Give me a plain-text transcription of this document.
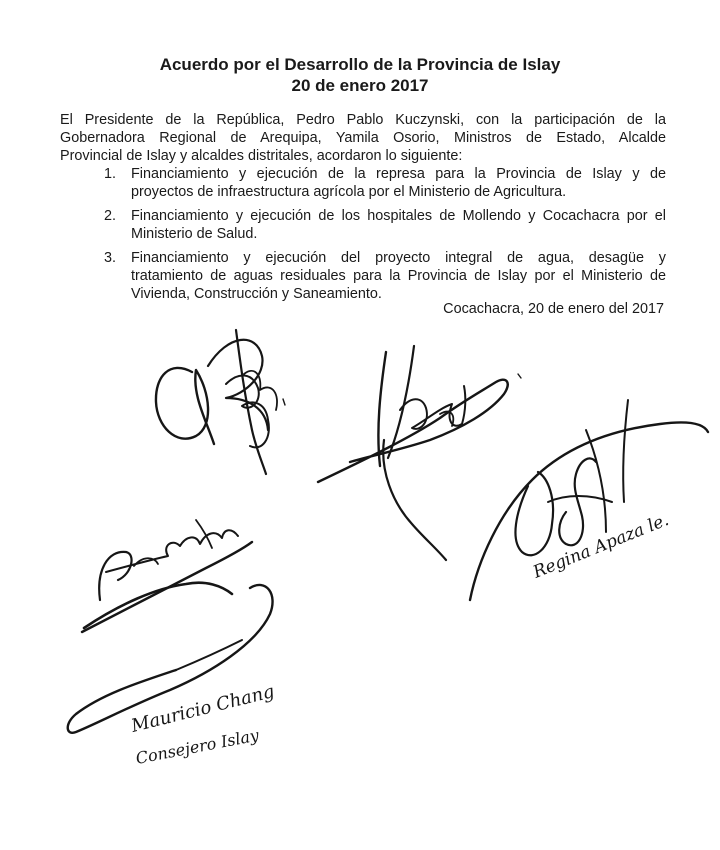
Acuerdo por el Desarrollo de la Provincia de Islay
20 de enero 2017

El Presidente de la República, Pedro Pablo Kuczynski, con la participación de la
Gobernadora Regional de Arequipa, Yamila Osorio, Ministros de Estado, Alcalde
Provincial de Islay y alcaldes distritales, acordaron lo siguiente:

1. Financiamiento y ejecución de la represa para la Provincia de Islay y de
proyectos de infraestructura agrícola por el Ministerio de Agricultura.
2. Financiamiento y ejecución de los hospitales de Mollendo y Cocachacra por el
Ministerio de Salud.
3. Financiamiento y ejecución del proyecto integral de agua, desagüe y
tratamiento de aguas residuales para la Provincia de Islay por el Ministerio de
Vivienda, Construcción y Saneamiento.

Cocachacra, 20 de enero del 2017

Regina Apaza le.
Mauricio Chang
Consejero Islay
